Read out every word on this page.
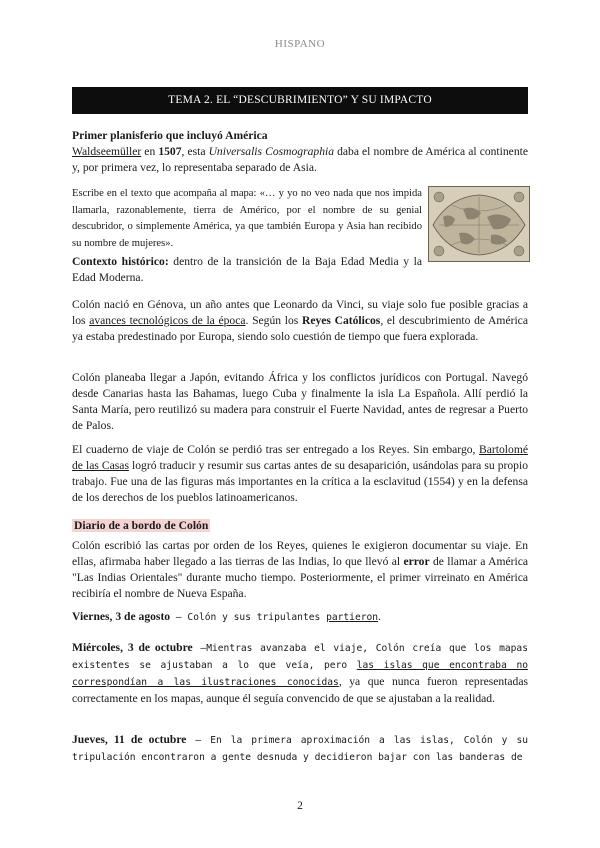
HISPANO
TEMA 2. EL “DESCUBRIMIENTO” Y SU IMPACTO
Primer planisferio que incluyó América
Waldseemüller en 1507, esta Universalis Cosmographia daba el nombre de América al continente y, por primera vez, lo representaba separado de Asia.
Escribe en el texto que acompaña al mapa: «… y yo no veo nada que nos impida llamarla, razonablemente, tierra de Américo, por el nombre de su genial descubridor, o simplemente América, ya que también Europa y Asia han recibido su nombre de mujeres».
Contexto histórico: dentro de la transición de la Baja Edad Media y la Edad Moderna.
Colón nació en Génova, un año antes que Leonardo da Vinci, su viaje solo fue posible gracias a los avances tecnológicos de la época. Según los Reyes Católicos, el descubrimiento de América ya estaba predestinado por Europa, siendo solo cuestión de tiempo que fuera explorada.
Colón planeaba llegar a Japón, evitando África y los conflictos jurídicos con Portugal. Navegó desde Canarias hasta las Bahamas, luego Cuba y finalmente la isla La Española. Allí perdió la Santa María, pero reutilizó su madera para construir el Fuerte Navidad, antes de regresar a Puerto de Palos.
El cuaderno de viaje de Colón se perdió tras ser entregado a los Reyes. Sin embargo, Bartolomé de las Casas logró traducir y resumir sus cartas antes de su desaparición, usándolas para su propio trabajo. Fue una de las figuras más importantes en la crítica a la esclavitud (1554) y en la defensa de los derechos de los pueblos latinoamericanos.
Diario de a bordo de Colón

Colón escribió las cartas por orden de los Reyes, quienes le exigieron documentar su viaje. En ellas, afirmaba haber llegado a las tierras de las Indias, lo que llevó al error de llamar a América "Las Indias Orientales" durante mucho tiempo. Posteriormente, el primer virreinato en América recibiría el nombre de Nueva España.
Viernes, 3 de agosto – Colón y sus tripulantes partieron.
Miércoles, 3 de octubre –Mientras avanzaba el viaje, Colón creía que los mapas existentes se ajustaban a lo que veía, pero las islas que encontraba no correspondían a las ilustraciones conocidas, ya que nunca fueron representadas correctamente en los mapas, aunque él seguía convencido de que se ajustaban a la realidad.
Jueves, 11 de octubre – En la primera aproximación a las islas, Colón y su tripulación encontraron a gente desnuda y decidieron bajar con las banderas de
2
